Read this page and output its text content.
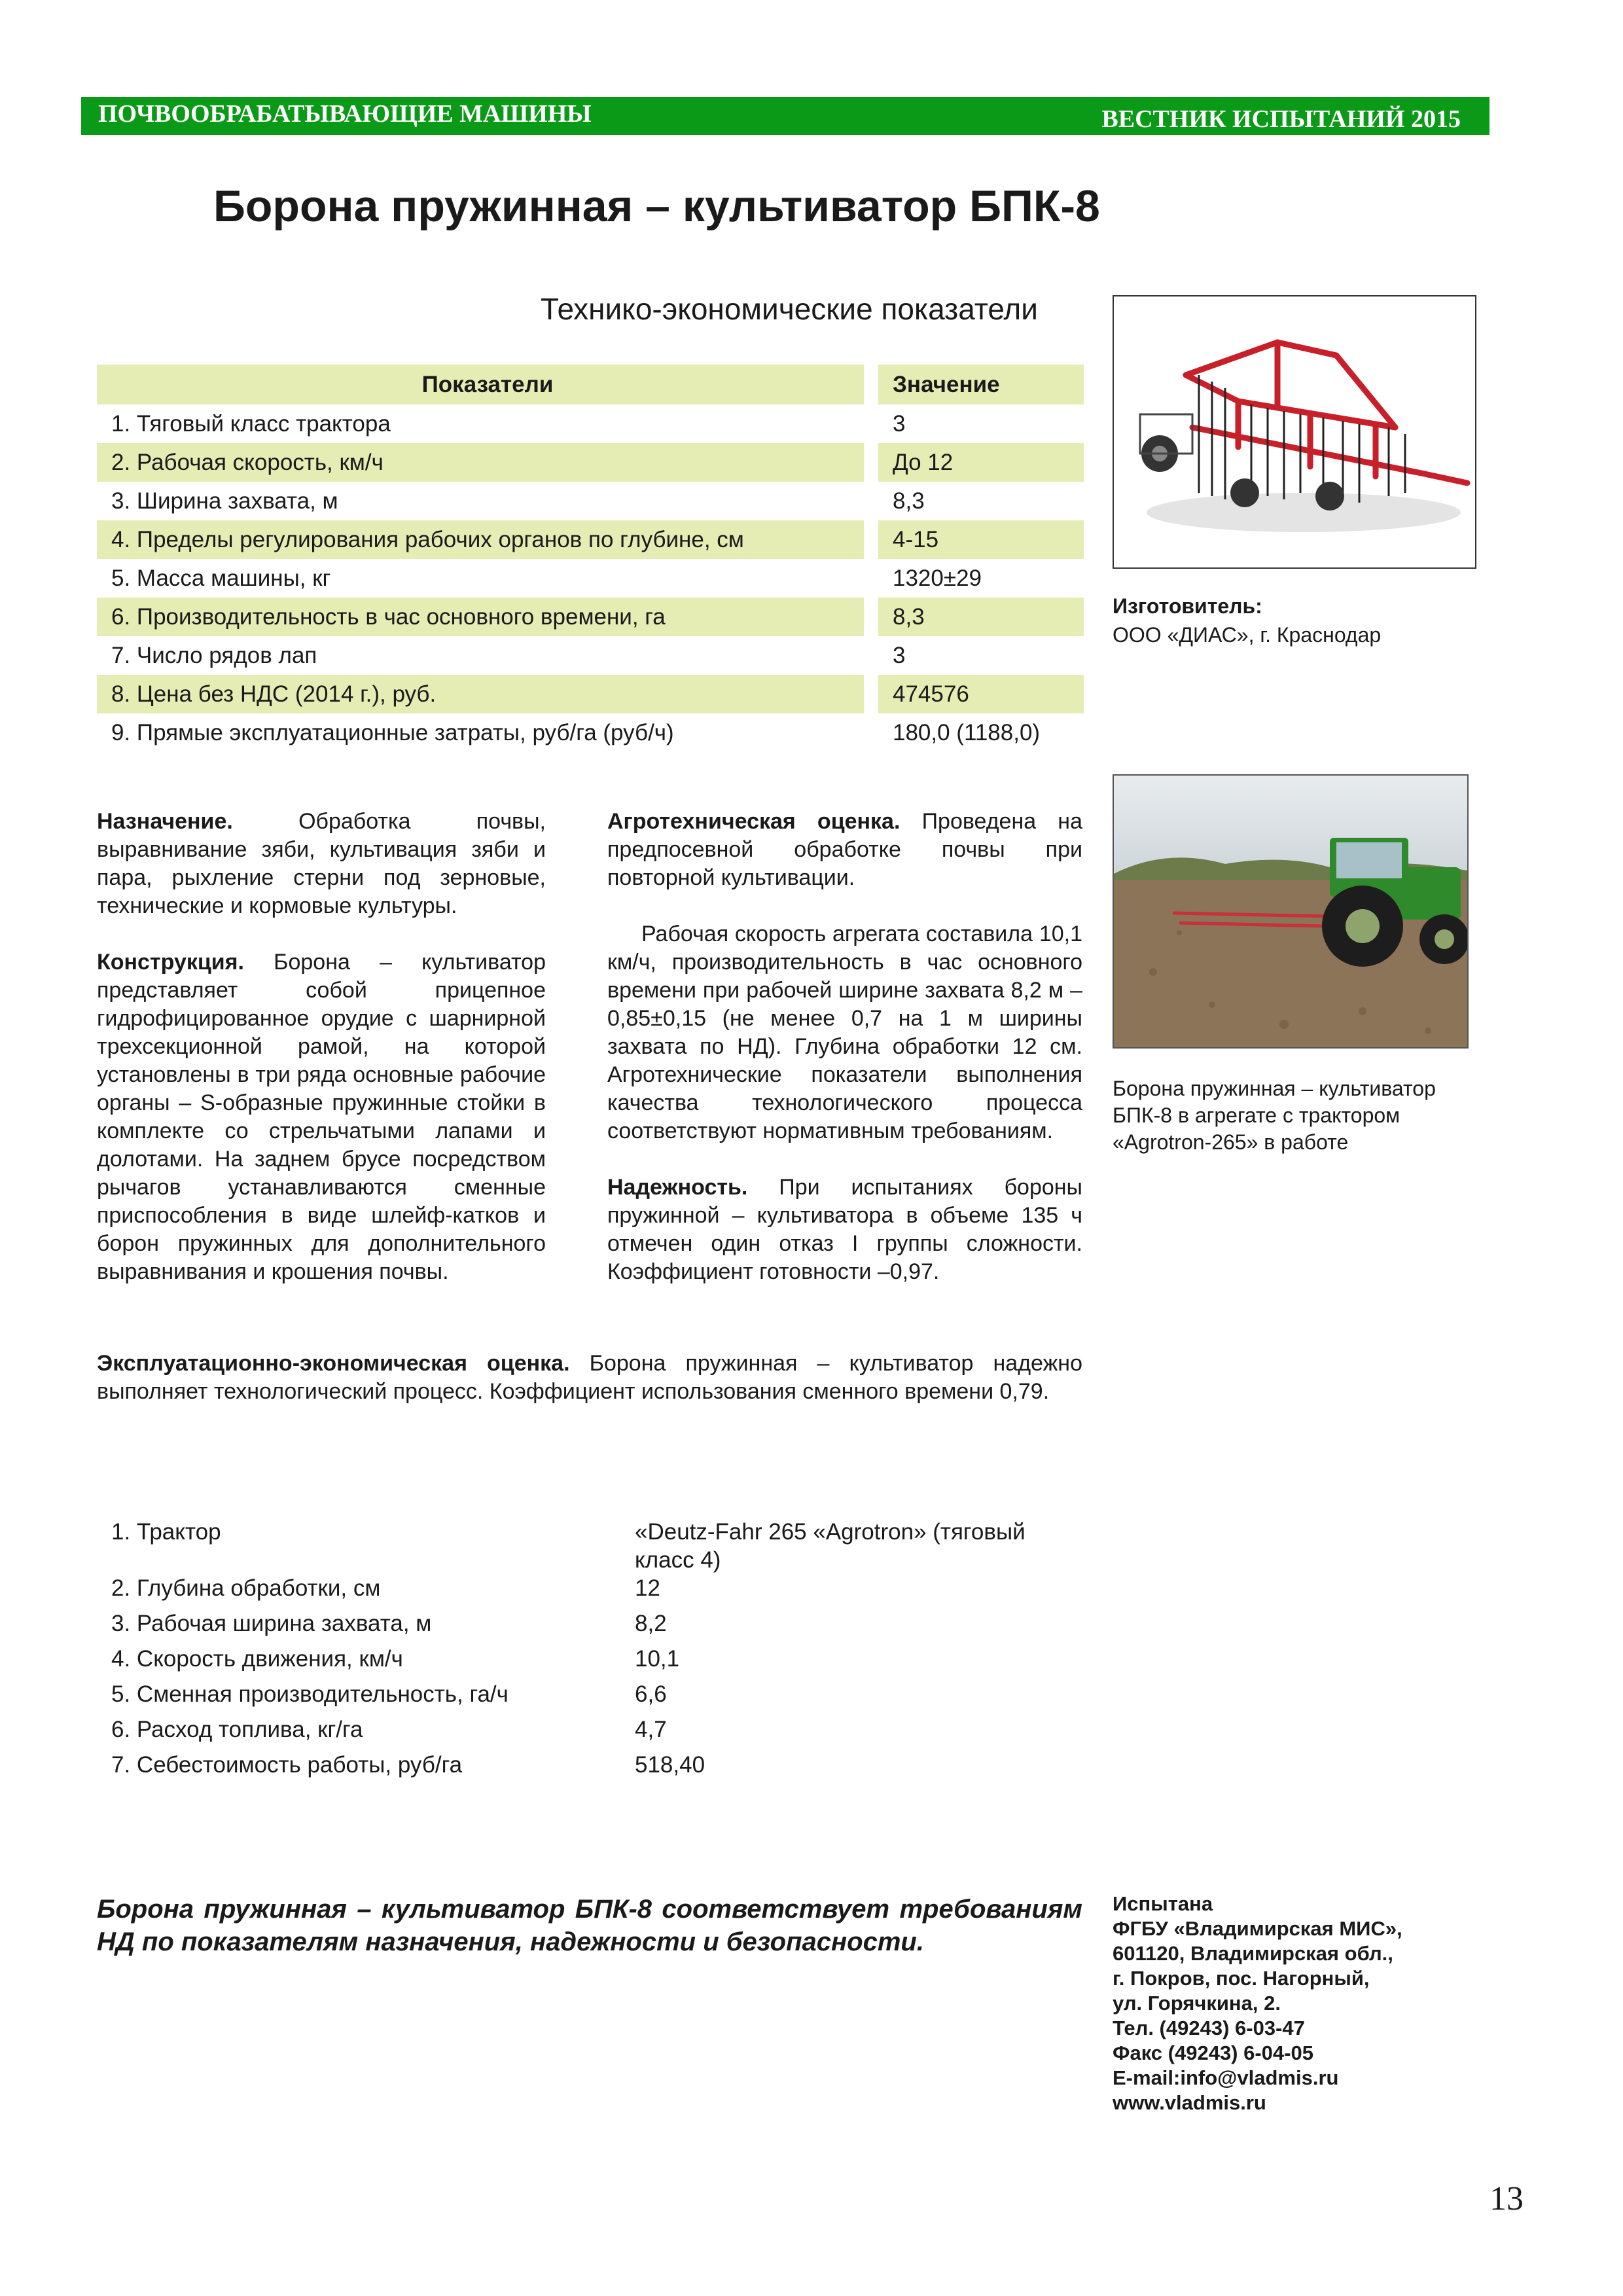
ПОЧВООБРАБАТЫВАЮЩИЕ МАШИНЫ	ВЕСТНИК ИСПЫТАНИЙ 2015
Борона пружинная – культиватор БПК-8
Технико-экономические показатели
Показатели		Значение
1. Тяговый класс трактора		3
2. Рабочая скорость, км/ч		До 12
3. Ширина захвата, м		8,3
4. Пределы регулирования рабочих органов по глубине, см		4-15
5. Масса машины, кг		1320±29
6. Производительность в час основного времени, га		8,3
7. Число рядов лап		3
8. Цена без НДС (2014 г.), руб.		474576
9. Прямые эксплуатационные затраты, руб/га (руб/ч)		180,0 (1188,0)
Изготовитель:
ООО «ДИАС», г. Краснодар
Борона пружинная – культиватор БПК-8 в агрегате с трактором «Agrotron-265» в работе

Назначение.	Обработка почвы, выравнивание зяби, культивация зяби и пара, рыхление стерни под зерновые, технические и кормовые культуры.

Конструкция. Борона – культиватор представляет собой прицепное гидрофицированное орудие с шарнирной трехсекционной рамой, на которой установлены в три ряда основные рабочие органы – S-образные пружинные стойки в комплекте со стрельчатыми лапами и долотами. На заднем брусе посредством рычагов устанавливаются сменные приспособления в виде шлейф-катков и борон пружинных для дополнительного выравнивания и крошения почвы.

Агротехническая оценка. Проведена на предпосевной обработке почвы при повторной культивации.

Рабочая скорость агрегата составила 10,1 км/ч, производительность в час основного времени при рабочей ширине захвата 8,2 м – 0,85±0,15 (не менее 0,7 на 1 м ширины захвата по НД). Глубина обработки 12 см. Агротехнические показатели выполнения качества технологического процесса соответствуют нормативным требованиям.

Надежность. При испытаниях бороны пружинной – культиватора в объеме 135 ч отмечен один отказ I группы сложности. Коэффициент готовности –0,97.

Эксплуатационно-экономическая оценка. Борона пружинная – культиватор надежно выполняет технологический процесс. Коэффициент использования сменного времени 0,79.
1. Трактор	«Deutz-Fahr 265 «Agrotron» (тяговый класс 4)
2. Глубина обработки, см	12
3. Рабочая ширина захвата, м	8,2
4. Скорость движения, км/ч	10,1
5. Сменная производительность, га/ч	6,6
6. Расход топлива, кг/га	4,7
7. Себестоимость работы, руб/га	518,40
Борона пружинная – культиватор БПК-8 соответствует требованиям НД по показателям назначения, надежности и безопасности.
Испытана
ФГБУ «Владимирская МИС»,
601120, Владимирская обл.,
г. Покров, пос. Нагорный,
ул. Горячкина, 2.
Тел. (49243) 6-03-47
Факс (49243) 6-04-05
E-mail:info@vladmis.ru
www.vladmis.ru
13
